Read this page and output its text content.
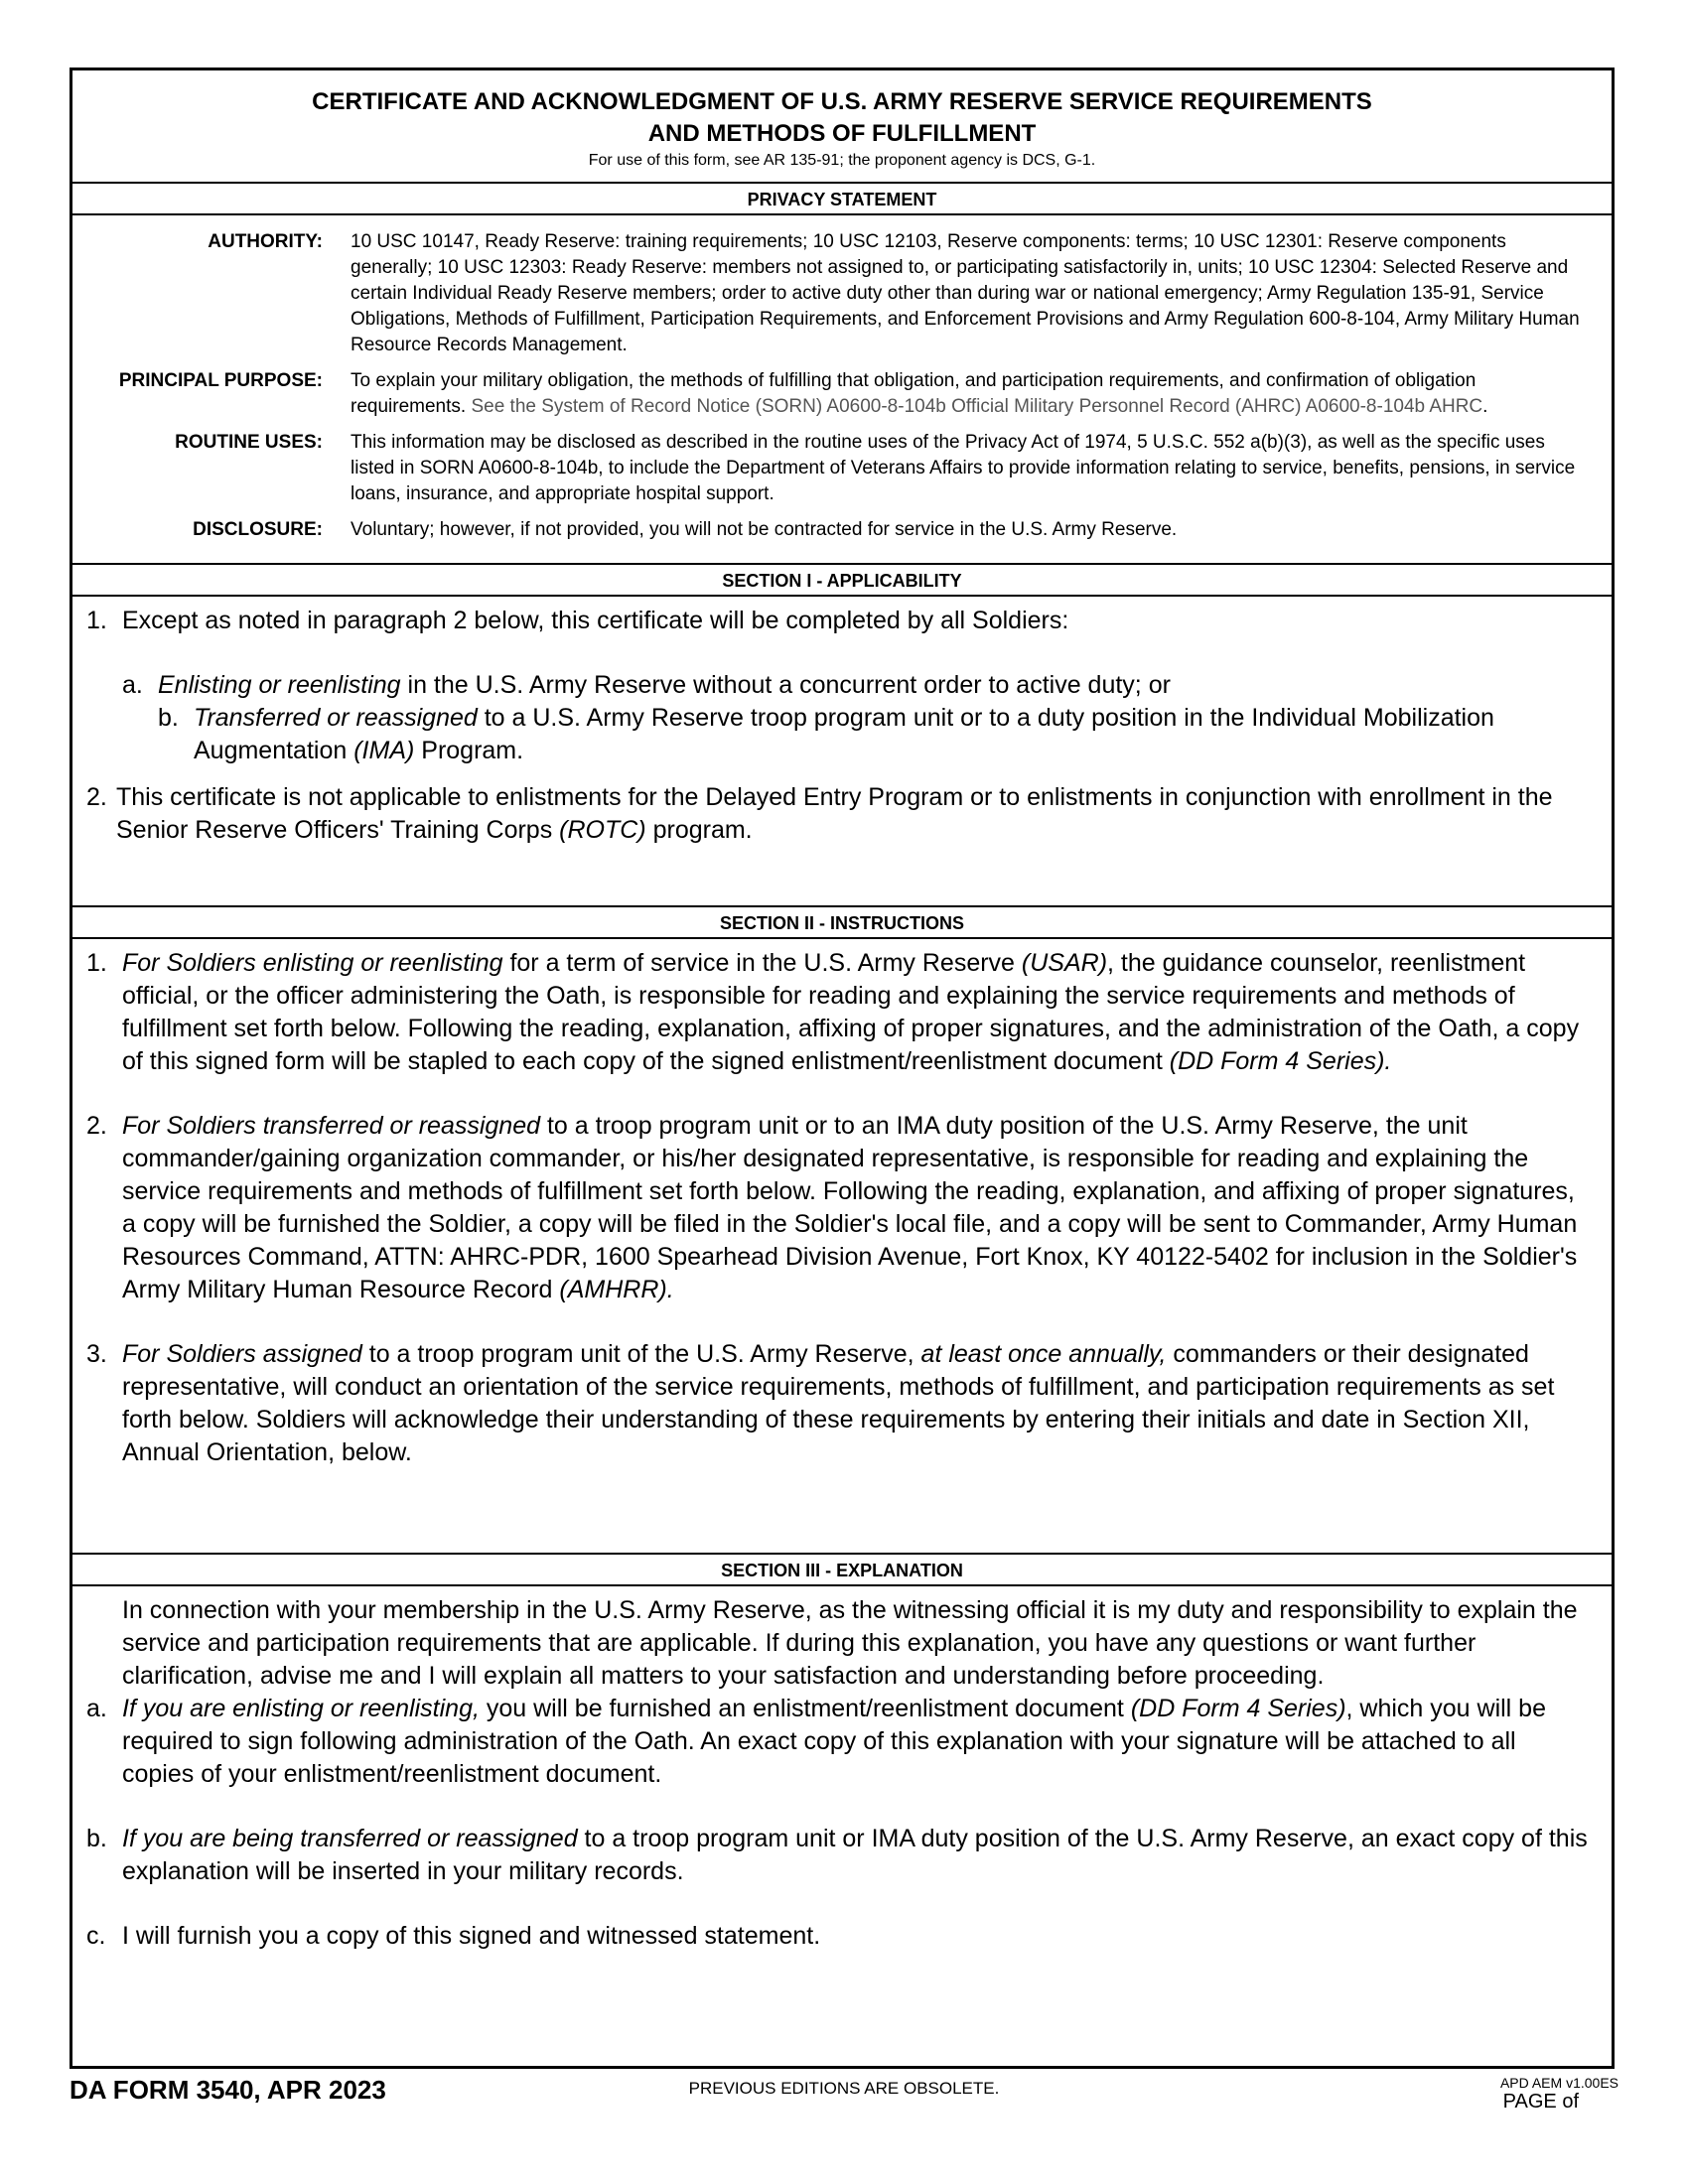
CERTIFICATE AND ACKNOWLEDGMENT OF U.S. ARMY RESERVE SERVICE REQUIREMENTS
AND METHODS OF FULFILLMENT
For use of this form, see AR 135-91; the proponent agency is DCS, G-1.
PRIVACY STATEMENT
AUTHORITY: 10 USC 10147, Ready Reserve: training requirements; 10 USC 12103, Reserve components: terms; 10 USC 12301: Reserve components generally; 10 USC 12303: Ready Reserve: members not assigned to, or participating satisfactorily in, units; 10 USC 12304: Selected Reserve and certain Individual Ready Reserve members; order to active duty other than during war or national emergency; Army Regulation 135-91, Service Obligations, Methods of Fulfillment, Participation Requirements, and Enforcement Provisions and Army Regulation 600-8-104, Army Military Human Resource Records Management.
PRINCIPAL PURPOSE: To explain your military obligation, the methods of fulfilling that obligation, and participation requirements, and confirmation of obligation requirements. See the System of Record Notice (SORN) A0600-8-104b Official Military Personnel Record (AHRC) A0600-8-104b AHRC.
ROUTINE USES: This information may be disclosed as described in the routine uses of the Privacy Act of 1974, 5 U.S.C. 552 a(b)(3), as well as the specific uses listed in SORN A0600-8-104b, to include the Department of Veterans Affairs to provide information relating to service, benefits, pensions, in service loans, insurance, and appropriate hospital support.
DISCLOSURE: Voluntary; however, if not provided, you will not be contracted for service in the U.S. Army Reserve.
SECTION I - APPLICABILITY
1. Except as noted in paragraph 2 below, this certificate will be completed by all Soldiers:
a. Enlisting or reenlisting in the U.S. Army Reserve without a concurrent order to active duty; or
b. Transferred or reassigned to a U.S. Army Reserve troop program unit or to a duty position in the Individual Mobilization Augmentation (IMA) Program.
2. This certificate is not applicable to enlistments for the Delayed Entry Program or to enlistments in conjunction with enrollment in the Senior Reserve Officers' Training Corps (ROTC) program.
SECTION II - INSTRUCTIONS
1. For Soldiers enlisting or reenlisting for a term of service in the U.S. Army Reserve (USAR), the guidance counselor, reenlistment official, or the officer administering the Oath, is responsible for reading and explaining the service requirements and methods of fulfillment set forth below. Following the reading, explanation, affixing of proper signatures, and the administration of the Oath, a copy of this signed form will be stapled to each copy of the signed enlistment/reenlistment document (DD Form 4 Series).
2. For Soldiers transferred or reassigned to a troop program unit or to an IMA duty position of the U.S. Army Reserve, the unit commander/gaining organization commander, or his/her designated representative, is responsible for reading and explaining the service requirements and methods of fulfillment set forth below. Following the reading, explanation, and affixing of proper signatures, a copy will be furnished the Soldier, a copy will be filed in the Soldier's local file, and a copy will be sent to Commander, Army Human Resources Command, ATTN: AHRC-PDR, 1600 Spearhead Division Avenue, Fort Knox, KY 40122-5402 for inclusion in the Soldier's Army Military Human Resource Record (AMHRR).
3. For Soldiers assigned to a troop program unit of the U.S. Army Reserve, at least once annually, commanders or their designated representative, will conduct an orientation of the service requirements, methods of fulfillment, and participation requirements as set forth below. Soldiers will acknowledge their understanding of these requirements by entering their initials and date in Section XII, Annual Orientation, below.
SECTION III - EXPLANATION
In connection with your membership in the U.S. Army Reserve, as the witnessing official it is my duty and responsibility to explain the service and participation requirements that are applicable. If during this explanation, you have any questions or want further clarification, advise me and I will explain all matters to your satisfaction and understanding before proceeding.
a. If you are enlisting or reenlisting, you will be furnished an enlistment/reenlistment document (DD Form 4 Series), which you will be required to sign following administration of the Oath. An exact copy of this explanation with your signature will be attached to all copies of your enlistment/reenlistment document.
b. If you are being transferred or reassigned to a troop program unit or IMA duty position of the U.S. Army Reserve, an exact copy of this explanation will be inserted in your military records.
c. I will furnish you a copy of this signed and witnessed statement.
DA FORM 3540, APR 2023	PREVIOUS EDITIONS ARE OBSOLETE.	APD AEM v1.00ES
PAGE of
